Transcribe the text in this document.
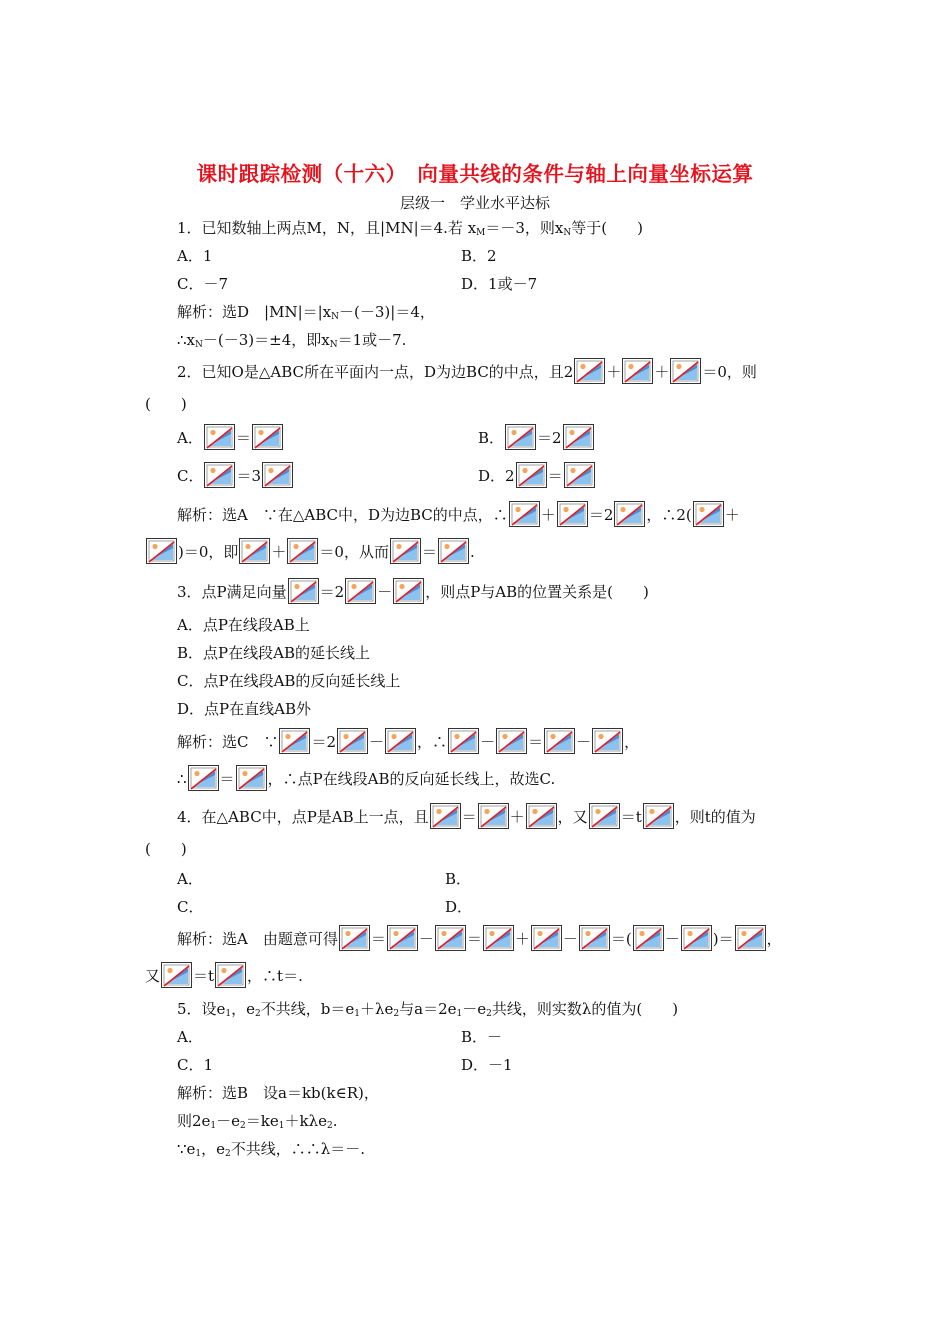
课时跟踪检测（十六）　向量共线的条件与轴上向量坐标运算
层级一　学业水平达标
1．已知数轴上两点M，N，且|MN|＝4.若 $x_M=-3$，则$x_N$等于(　　)
A．1	B．2
C．－7	D．1或－7
解析：选D　$|MN|=|x_N-(-3)|=4$，
$\therefore x_N-(-3)=\pm 4$，即$x_N=1$或－7.
2．已知O是△ABC所在平面内一点，D为边BC的中点，且2 ＋ ＋ ＝0，则
(　　)
A． ＝	B． ＝2
C． ＝3	D．2 ＝
解析：选A　∵在△ABC中，D为边BC的中点，∴ ＋ ＝2 ，∴2( ＋
)＝0，即 ＋ ＝0，从而 ＝ .
3．点P满足向量 ＝2 － ，则点P与AB的位置关系是(　　)
A．点P在线段AB上
B．点P在线段AB的延长线上
C．点P在线段AB的反向延长线上
D．点P在直线AB外
解析：选C　∵ ＝2 － ，∴ － ＝ － ，
∴ ＝ ，∴点P在线段AB的反向延长线上，故选C.
4．在△ABC中，点P是AB上一点，且 ＝ ＋ ，又 ＝t ，则t的值为
(　　)
A．	B．
C．	D．
解析：选A　由题意可得 ＝ － ＝ ＋ － ＝( － )＝ ，
又 ＝t ，∴t＝.
5．设$e_1$，$e_2$不共线，$b=e_1+\lambda e_2$与$a=2e_1-e_2$共线，则实数λ的值为(　　)
A．	B．－
C．1	D．－1
解析：选B　设a＝kb(k∈R)，
则$2e_1-e_2=ke_1+k\lambda e_2$.
$\because e_1$，$e_2$不共线，∴∴λ＝－.
